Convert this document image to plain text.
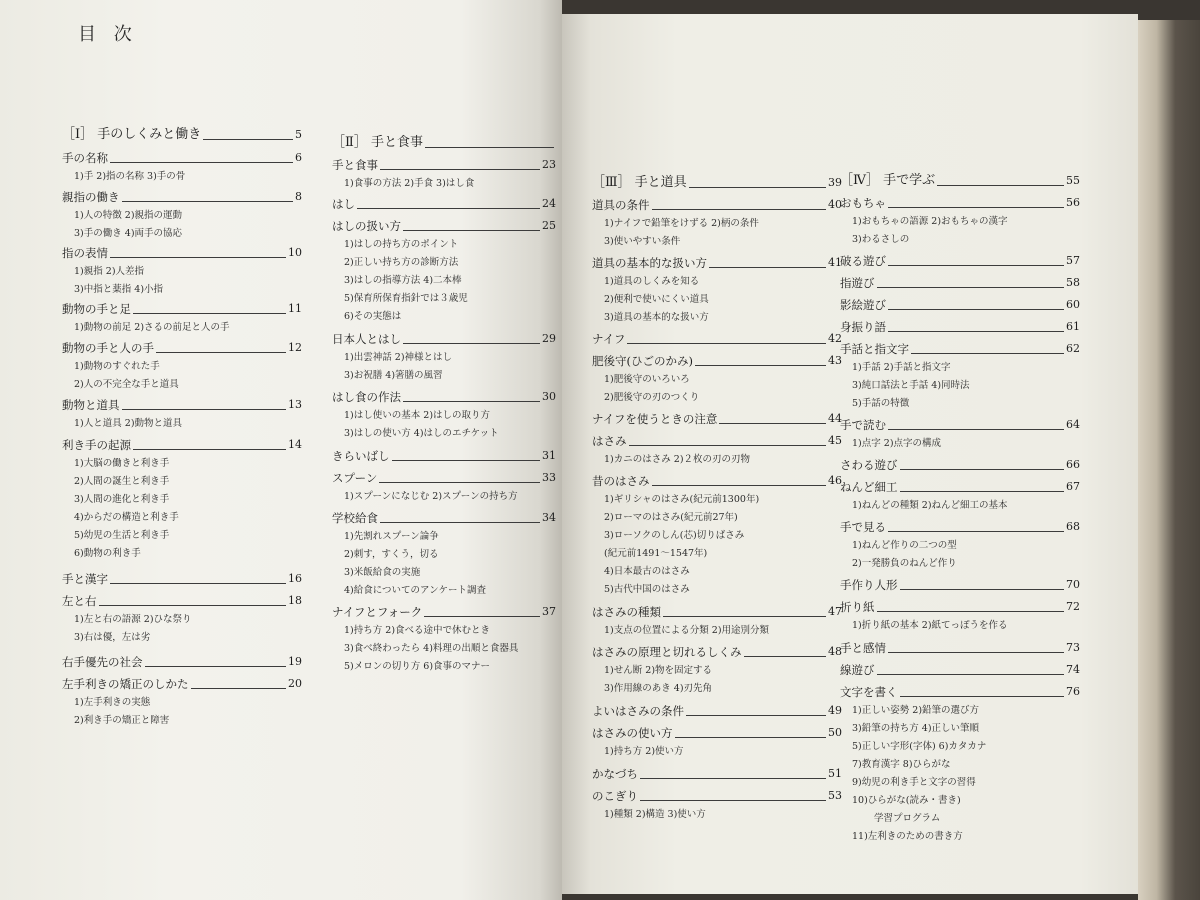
目 次
［Ⅰ］ 手のしくみと働き	5
手の名称	6
1)手 2)指の名称 3)手の骨
親指の働き	8
1)人の特徴 2)親指の運動
3)手の働き 4)両手の協応
指の表情	10
1)親指 2)人差指
3)中指と薬指 4)小指
動物の手と足	11
1)動物の前足 2)さるの前足と人の手
動物の手と人の手	12
1)動物のすぐれた手
2)人の不完全な手と道具
動物と道具	13
1)人と道具 2)動物と道具
利き手の起源	14
1)大脳の働きと利き手
2)人間の誕生と利き手
3)人間の進化と利き手
4)からだの構造と利き手
5)幼児の生活と利き手
6)動物の利き手
手と漢字	16
左と右	18
1)左と右の語源 2)ひな祭り
3)右は優，左は劣
右手優先の社会	19
左手利きの矯正のしかた	20
1)左手利きの実態
2)利き手の矯正と障害
［Ⅱ］ 手と食事
手と食事	23
1)食事の方法 2)手食 3)はし食
はし	24
はしの扱い方	25
1)はしの持ち方のポイント
2)正しい持ち方の診断方法
3)はしの指導方法 4)二本棒
5)保育所保育指針では３歳児
6)その実態は
日本人とはし	29
1)出雲神話 2)神様とはし
3)お祝膳 4)箸膳の風習
はし食の作法	30
1)はし使いの基本 2)はしの取り方
3)はしの使い方 4)はしのエチケット
きらいばし	31
スプーン	33
1)スプーンになじむ 2)スプーンの持ち方
学校給食	34
1)先割れスプーン論争
2)刺す，すくう，切る
3)米飯給食の実施
4)給食についてのアンケート調査
ナイフとフォーク	37
1)持ち方 2)食べる途中で休むとき
3)食べ終わったら 4)料理の出順と食器具
5)メロンの切り方 6)食事のマナー
［Ⅲ］ 手と道具	39
道具の条件	40
1)ナイフで鉛筆をけずる 2)柄の条件
3)使いやすい条件
道具の基本的な扱い方	41
1)道具のしくみを知る
2)便利で使いにくい道具
3)道具の基本的な扱い方
ナイフ	42
肥後守(ひごのかみ)	43
1)肥後守のいろいろ
2)肥後守の刃のつくり
ナイフを使うときの注意	44
はさみ	45
1)カニのはさみ 2)２枚の刃の刃物
昔のはさみ	46
1)ギリシャのはさみ(紀元前1300年)
2)ローマのはさみ(紀元前27年)
3)ローソクのしん(芯)切りばさみ
(紀元前1491～1547年)
4)日本最古のはさみ
5)古代中国のはさみ
はさみの種類	47
1)支点の位置による分類 2)用途別分類
はさみの原理と切れるしくみ	48
1)せん断 2)物を固定する
3)作用線のあき 4)刃先角
よいはさみの条件	49
はさみの使い方	50
1)持ち方 2)使い方
かなづち	51
のこぎり	53
1)種類 2)構造 3)使い方
［Ⅳ］ 手で学ぶ	55
おもちゃ	56
1)おもちゃの語源 2)おもちゃの漢字
3)わるさしの
破る遊び	57
指遊び	58
影絵遊び	60
身振り語	61
手話と指文字	62
1)手話 2)手話と指文字
3)純口話法と手話 4)同時法
5)手話の特徴
手で読む	64
1)点字 2)点字の構成
さわる遊び	66
ねんど細工	67
1)ねんどの種類 2)ねんど細工の基本
手で見る	68
1)ねんど作りの二つの型
2)一発勝負のねんど作り
手作り人形	70
折り紙	72
1)折り紙の基本 2)紙てっぽうを作る
手と感情	73
線遊び	74
文字を書く	76
1)正しい姿勢 2)鉛筆の選び方
3)鉛筆の持ち方 4)正しい筆順
5)正しい字形(字体) 6)カタカナ
7)教育漢字 8)ひらがな
9)幼児の利き手と文字の習得
10)ひらがな(読み・書き)
学習プログラム
11)左利きのための書き方
